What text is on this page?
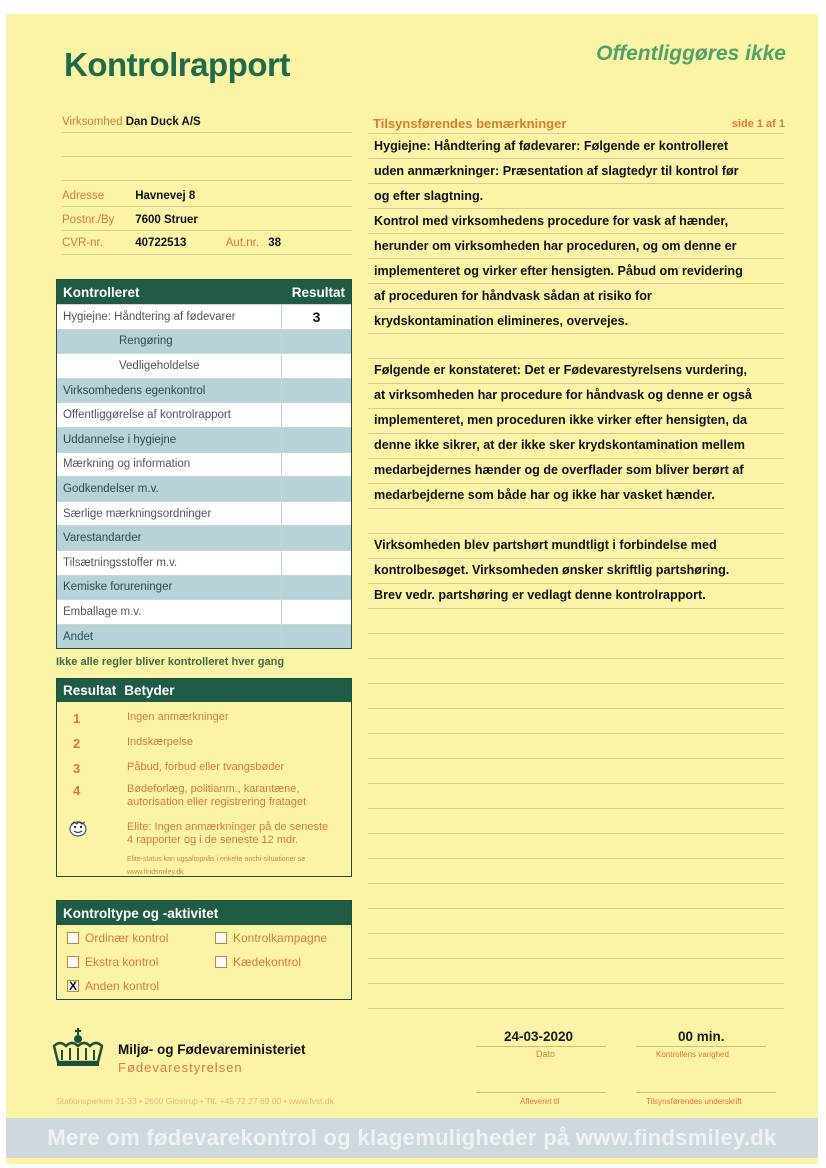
Kontrolrapport	Offentliggøres ikke
Virksomhed Dan Duck A/S
Adresse	Havnevej 8
Postnr./By 7600 Struer
CVR-nr.	40722513	Aut.nr. 38
Kontrolleret	Resultat
Hygiejne: Håndtering af fødevarer	3
Rengøring
Vedligeholdelse
Virksomhedens egenkontrol
Offentliggørelse af kontrolrapport
Uddannelse i hygiejne
Mærkning og information
Godkendelser m.v.
Særlige mærkningsordninger
Varestandarder
Tilsætningsstoffer m.v.
Kemiske forureninger
Emballage m.v.
Andet
Ikke alle regler bliver kontrolleret hver gang
Resultat Betyder
1	Ingen anmærkninger
2	Indskærpelse
3	Påbud, forbud eller tvangsbøder
4	Bødeforlæg, politianm., karantæne, autorisation eller registrering frataget
Elite: Ingen anmærkninger på de seneste 4 rapporter og i de seneste 12 mdr.
Elite-status kan ugsaltopnås i enkelte anchi-situationer se www.findsmiley.dk
Kontroltype og -aktivitet
Ordinær kontrol	Kontrolkampagne
Ekstra kontrol	Kædekontrol
X Anden kontrol
Tilsynsførendes bemærkninger	side 1 af 1
Hygiejne: Håndtering af fødevarer: Følgende er kontrolleret
uden anmærkninger: Præsentation af slagtedyr til kontrol før
og efter slagtning.
Kontrol med virksomhedens procedure for vask af hænder,
herunder om virksomheden har proceduren, og om denne er
implementeret og virker efter hensigten. Påbud om revidering
af proceduren for håndvask sådan at risiko for
krydskontamination elimineres, overvejes.
Følgende er konstateret: Det er Fødevarestyrelsens vurdering,
at virksomheden har procedure for håndvask og denne er også
implementeret, men proceduren ikke virker efter hensigten, da
denne ikke sikrer, at der ikke sker krydskontamination mellem
medarbejdernes hænder og de overflader som bliver berørt af
medarbejderne som både har og ikke har vasket hænder.
Virksomheden blev partshørt mundtligt i forbindelse med
kontrolbesøget. Virksomheden ønsker skriftlig partshøring.
Brev vedr. partshøring er vedlagt denne kontrolrapport.
Miljø- og Fødevareministeriet
Fødevarestyrelsen
24-03-2020
Dato
00 min.
Kontrollens varighed
Stationsparken 31-33 • 2600 Glostrup • Tlf. +45 72 27 69 00 • www.fvst.dk	Afleveret til	Tilsynsførendes underskrift
Mere om fødevarekontrol og klagemuligheder på www.findsmiley.dk
